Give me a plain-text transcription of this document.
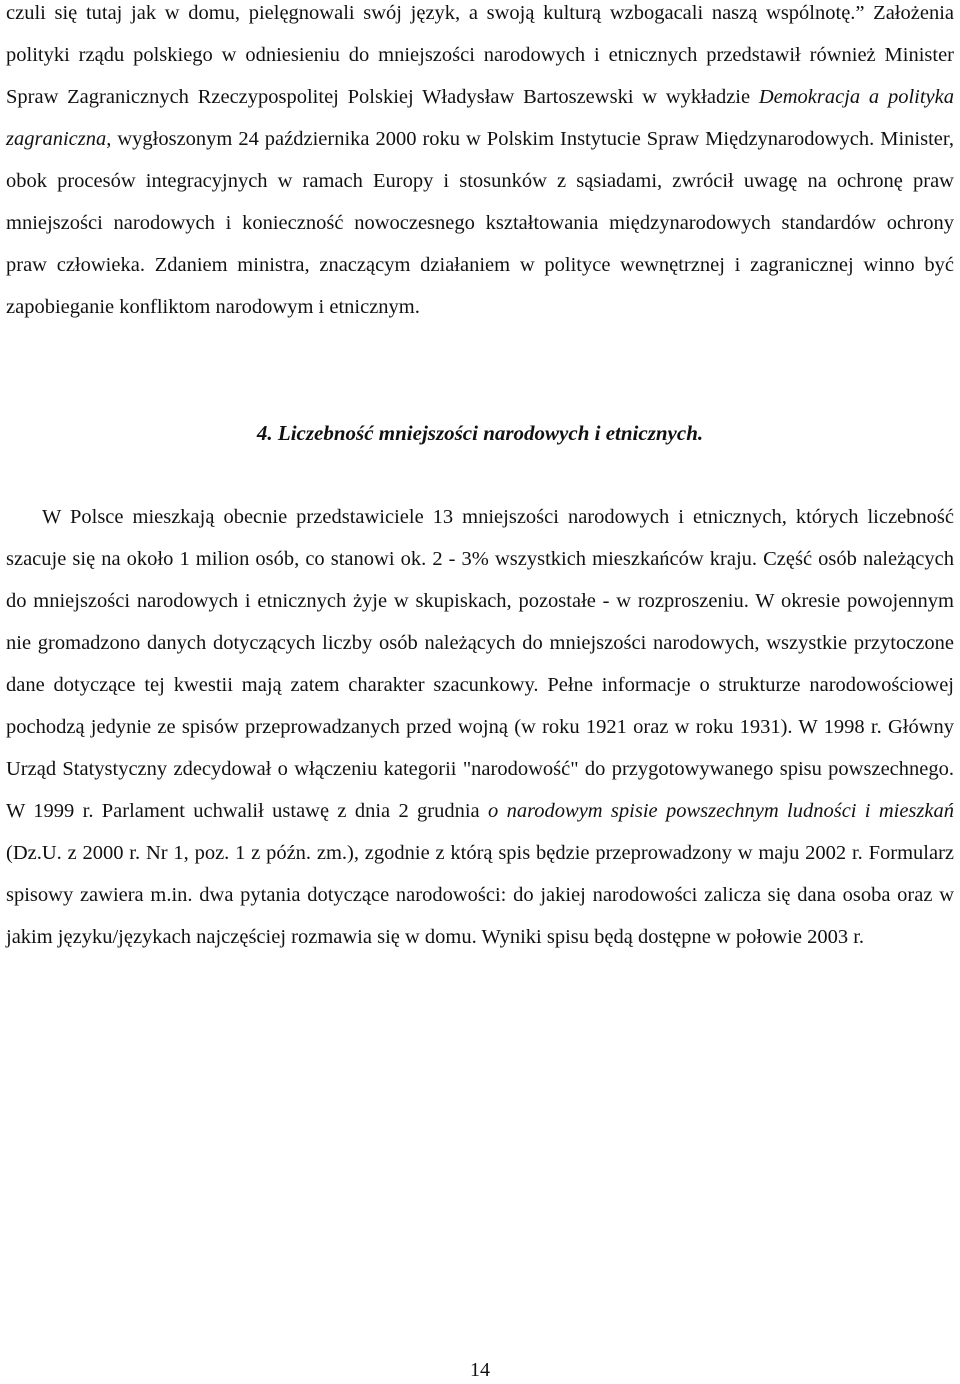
czuli się tutaj jak w domu, pielęgnowali swój język, a swoją kulturą wzbogacali naszą wspólnotę.” Założenia polityki rządu polskiego w odniesieniu do mniejszości narodowych i etnicznych przedstawił również Minister Spraw Zagranicznych Rzeczypospolitej Polskiej Władysław Bartoszewski w wykładzie Demokracja a polityka zagraniczna, wygłoszonym 24 października 2000 roku w Polskim Instytucie Spraw Międzynarodowych. Minister, obok procesów integracyjnych w ramach Europy i stosunków z sąsiadami, zwrócił uwagę na ochronę praw mniejszości narodowych i konieczność nowoczesnego kształtowania międzynarodowych standardów ochrony praw człowieka. Zdaniem ministra, znaczącym działaniem w polityce wewnętrznej i zagranicznej winno być zapobieganie konfliktom narodowym i etnicznym.

4. Liczebność mniejszości narodowych i etnicznych.

W Polsce mieszkają obecnie przedstawiciele 13 mniejszości narodowych i etnicznych, których liczebność szacuje się na około 1 milion osób, co stanowi ok. 2 - 3% wszystkich mieszkańców kraju. Część osób należących do mniejszości narodowych i etnicznych żyje w skupiskach, pozostałe - w rozproszeniu. W okresie powojennym nie gromadzono danych dotyczących liczby osób należących do mniejszości narodowych, wszystkie przytoczone dane dotyczące tej kwestii mają zatem charakter szacunkowy. Pełne informacje o strukturze narodowościowej pochodzą jedynie ze spisów przeprowadzanych przed wojną (w roku 1921 oraz w roku 1931). W 1998 r. Główny Urząd Statystyczny zdecydował o włączeniu kategorii "narodowość" do przygotowywanego spisu powszechnego. W 1999 r. Parlament uchwalił ustawę z dnia 2 grudnia o narodowym spisie powszechnym ludności i mieszkań (Dz.U. z 2000 r. Nr 1, poz. 1 z późn. zm.), zgodnie z którą spis będzie przeprowadzony w maju 2002 r. Formularz spisowy zawiera m.in. dwa pytania dotyczące narodowości: do jakiej narodowości zalicza się dana osoba oraz w jakim języku/językach najczęściej rozmawia się w domu. Wyniki spisu będą dostępne w połowie 2003 r.

14
